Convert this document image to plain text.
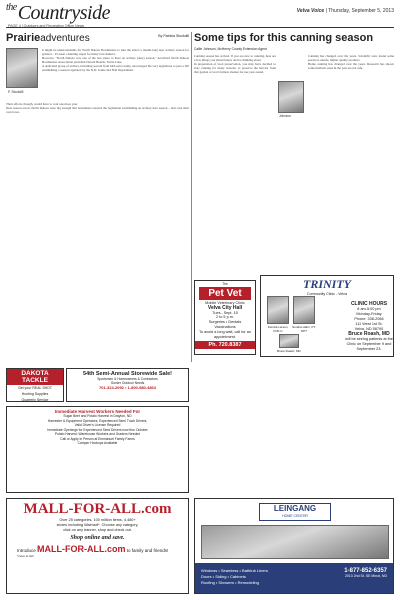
$^{the}$Countryside
PAGE 4 | Outdoors and Recreation Office News
Velva Voice | Thursday, September 5, 2013
Prairieadventures	By Patricia Stockdill
P. Stockdill

It might be understandable for North Dakota Bowhunters to take the state's a month-long deer archery season for granted – it's been a hunting staple for many bow hunters.

However, "North Dakota was one of the last states to have an archery (deer) season," described North Dakota Bowhunters Association president Darrell Bekele. Turtle Lake.

A dedicated group of archers, including several from McLean County, encouraged the very legislature to pass a bill establishing a season regulated by the N.D. Game and Fish Department.

Their efforts, though, would have to wait one more year.

Deer season across North Dakota were big enough that lawmakers enacted the legislation establishing an archery deer season – turn own their own bows.

DAKOTA TACKLE
Get your REAL SHOT
Hunting Supplies
Quarterly Service
54th Semi-Annual Storewide Sale!
Sportsmen & Homeowners & Contractors
Gorder Outdoor Needs
701-324-2092 • 1-800-980-4863
Immediate Harvest Workers Needed For
Sugar Beet and Potato Harvest in Drayton, ND
Harvester & Equipment Operators, Experienced Semi Truck Drivers,
Valid Driver's License Required
Immediate Openings for Experienced Semi Drivers now thru October
Potato Harvest: Warehouse Workers and Graders Needed
Call or Apply in Person at Emmanuel Family Farms
Camper Hookups Available
MALL-FOR-ALL.com
Over 25 categories, 100 million items, 4,480+
stores including Walmart*. Choose any category,
click on any banner, shop and check out.
Shop online and save.
Introduce MALL-FOR-ALL.com to family and friends!
*more to list!
Some tips for this canning season
Callie Johnson, McHenry County Extension Agent

Canning season has arrived. If you are new to canning, here are a few things you should know and be thinking about.

In preparation of food preservation, you may have decided to start canning for many reasons: to preserve the harvest from that garden or local farmers market for use year-round.

Johnson

Canning has changed over the years. Scientific tests found some practices unsafe, higher quality products.

Home canning has changed over the years. Research has shown some methods used in the past are not safe.

The
Pet Vet
Mobile Veterinary Clinic
Velva City Hall
Tues., Sept. 15
2 to 5 p.m.
Surgeries • Dentals
Vaccinations
To avoid a long wait, call for an appointment.
Ph. 720.8387
TRINITY
Community Clinic - Velva
Kendra Larson, FNP-C
Sondra Hahn, PT, DPT
Bruce Roash, MD
CLINIC HOURS
8 am-5:00 pm
Monday-Friday
Phone: 338-2066
111 West 1st St.
Velva, ND 58790
Bruce Roash, MD
will be seeing patients at the Clinic on September 9 and September 23.
LEINGANG
HOME CENTER
Windows • Seamless • Bathtub Liners
Doors • Siding • Cabinets
Roofing • Showers • Remodeling
1-877-852-6357
2013 2nd St. SE Minot, ND
